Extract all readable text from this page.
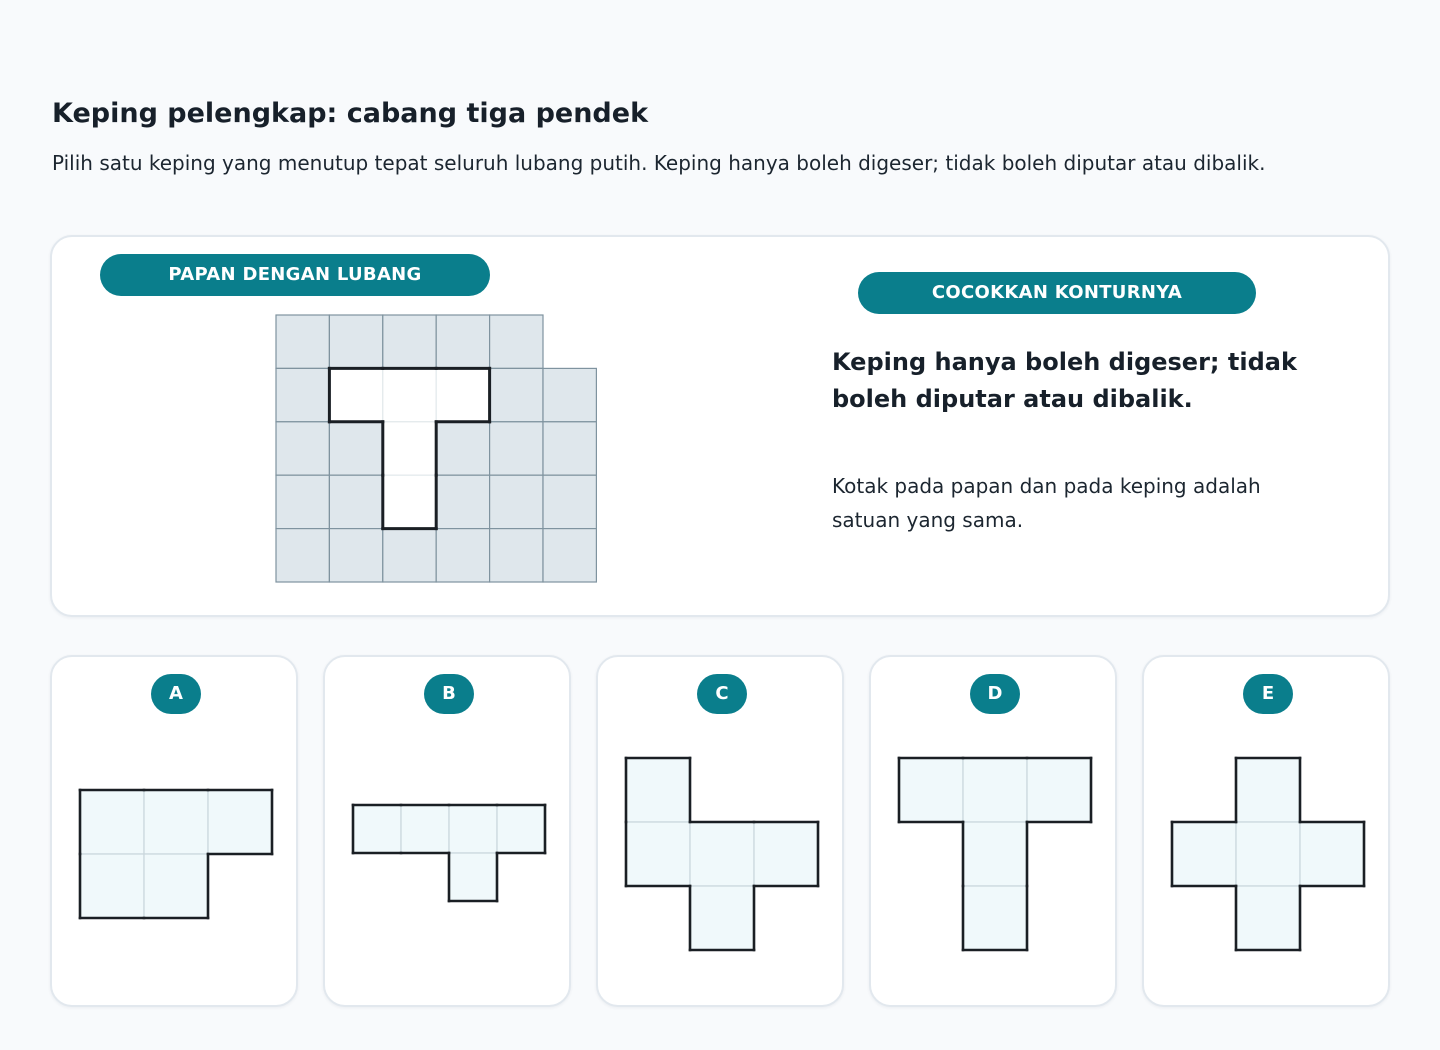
Keping pelengkap: cabang tiga pendek

Pilih satu keping yang menutup tepat seluruh lubang putih. Keping hanya boleh digeser; tidak boleh diputar atau dibalik.

PAPAN DENGAN LUBANG
COCOKKAN KONTURNYA

Keping hanya boleh digeser; tidak boleh diputar atau dibalik.

Kotak pada papan dan pada keping adalah satuan yang sama.

A	B	C	D	E
